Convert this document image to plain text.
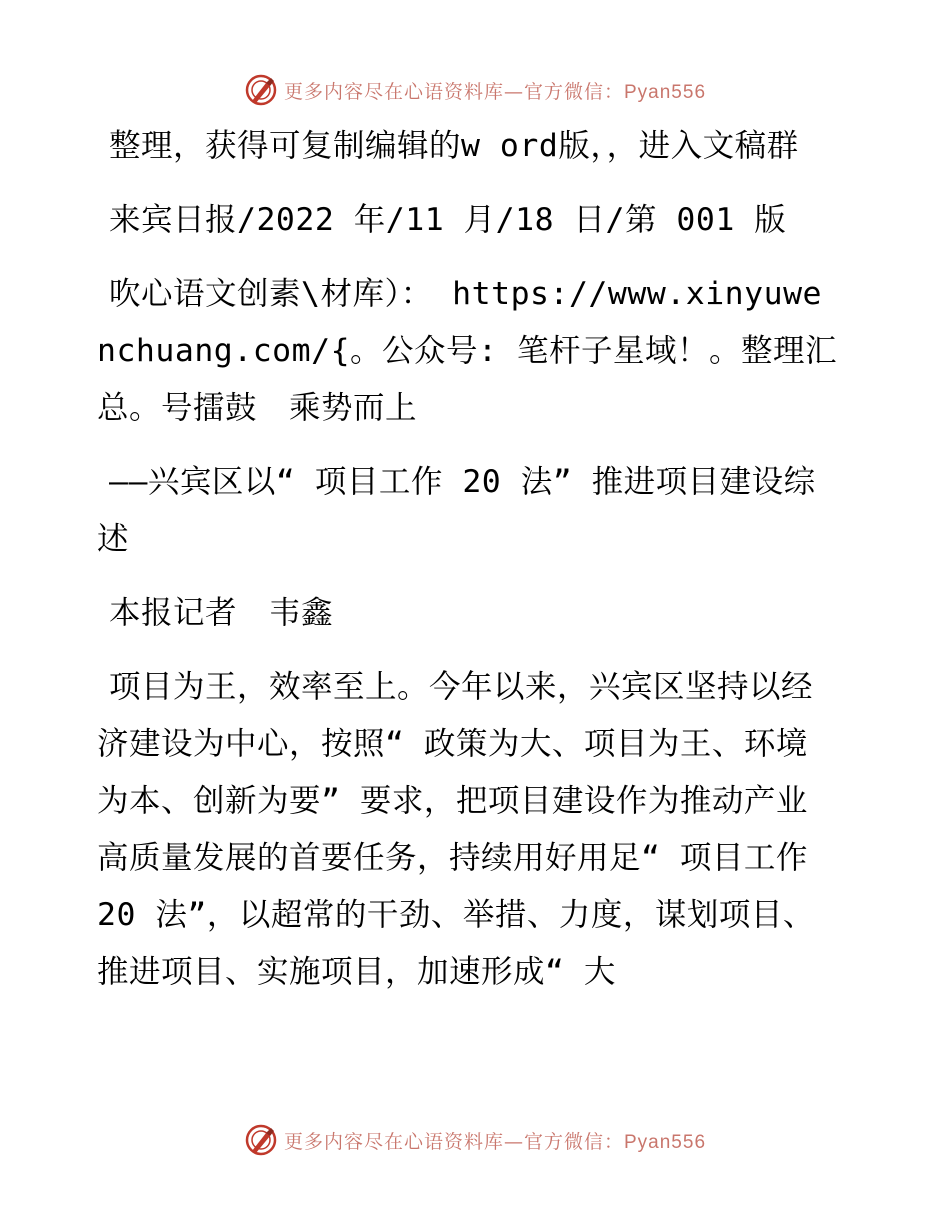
更多内容尽在心语资料库—官方微信：Pyan556

整理，获得可复制编辑的w ord版，，进入文稿群

来宾日报/2022 年/11 月/18 日/第 001 版

吹心语文创素\材库）： https://www.xinyuwenchuang.com/{。公众号: 笔杆子星域！。整理汇总。号擂鼓　乘势而上

——兴宾区以“ 项目工作 20 法” 推进项目建设综述

本报记者　韦鑫

项目为王，效率至上。今年以来，兴宾区坚持以经济建设为中心，按照“ 政策为大、项目为王、环境为本、创新为要” 要求，把项目建设作为推动产业高质量发展的首要任务，持续用好用足“ 项目工作 20 法”，以超常的干劲、举措、力度，谋划项目、推进项目、实施项目，加速形成“ 大

更多内容尽在心语资料库—官方微信：Pyan556
